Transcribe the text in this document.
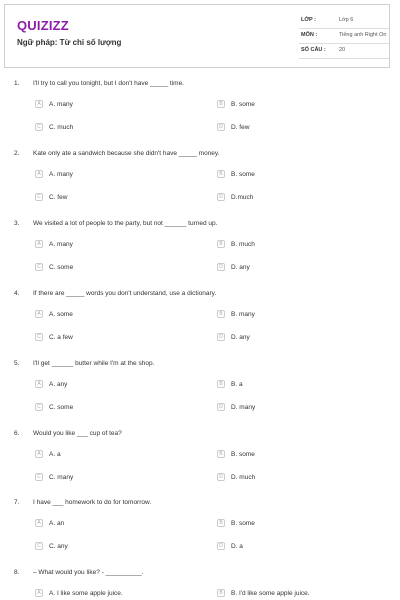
QUIZIZZ
Ngữ pháp: Từ chỉ số lượng
LỚP :	Lớp 6
MÔN :	Tiếng anh Right On
SỐ CÂU : 20
1. I'll try to call you tonight, but I don't have _____ time.
A	A. many	B	B. some
C	C. much	D	D. few
2. Kate only ate a sandwich because she didn't have _____ money.
A	A. many	B	B. some
C	C. few	D	D.much
3. We visited a lot of people to the party, but not ______ turned up.
A	A. many	B	B. much
C	C. some	D	D. any
4. If there are _____ words you don't understand, use a dictionary.
A	A. some	B	B. many
C	C. a few	D	D. any
5. I'll get ______ butter while I'm at the shop.
A	A. any	B	B. a
C	C. some	D	D. many
6. Would you like ___ cup of tea?
A	A. a	B	B. some
C	C. many	D	D. much
7. I have ___ homework to do for tomorrow.
A	A. an	B	B. some
C	C. any	D	D. a
8. – What would you like? - __________.
A	A. I like some apple juice.	B	B. I'd like some apple juice.
